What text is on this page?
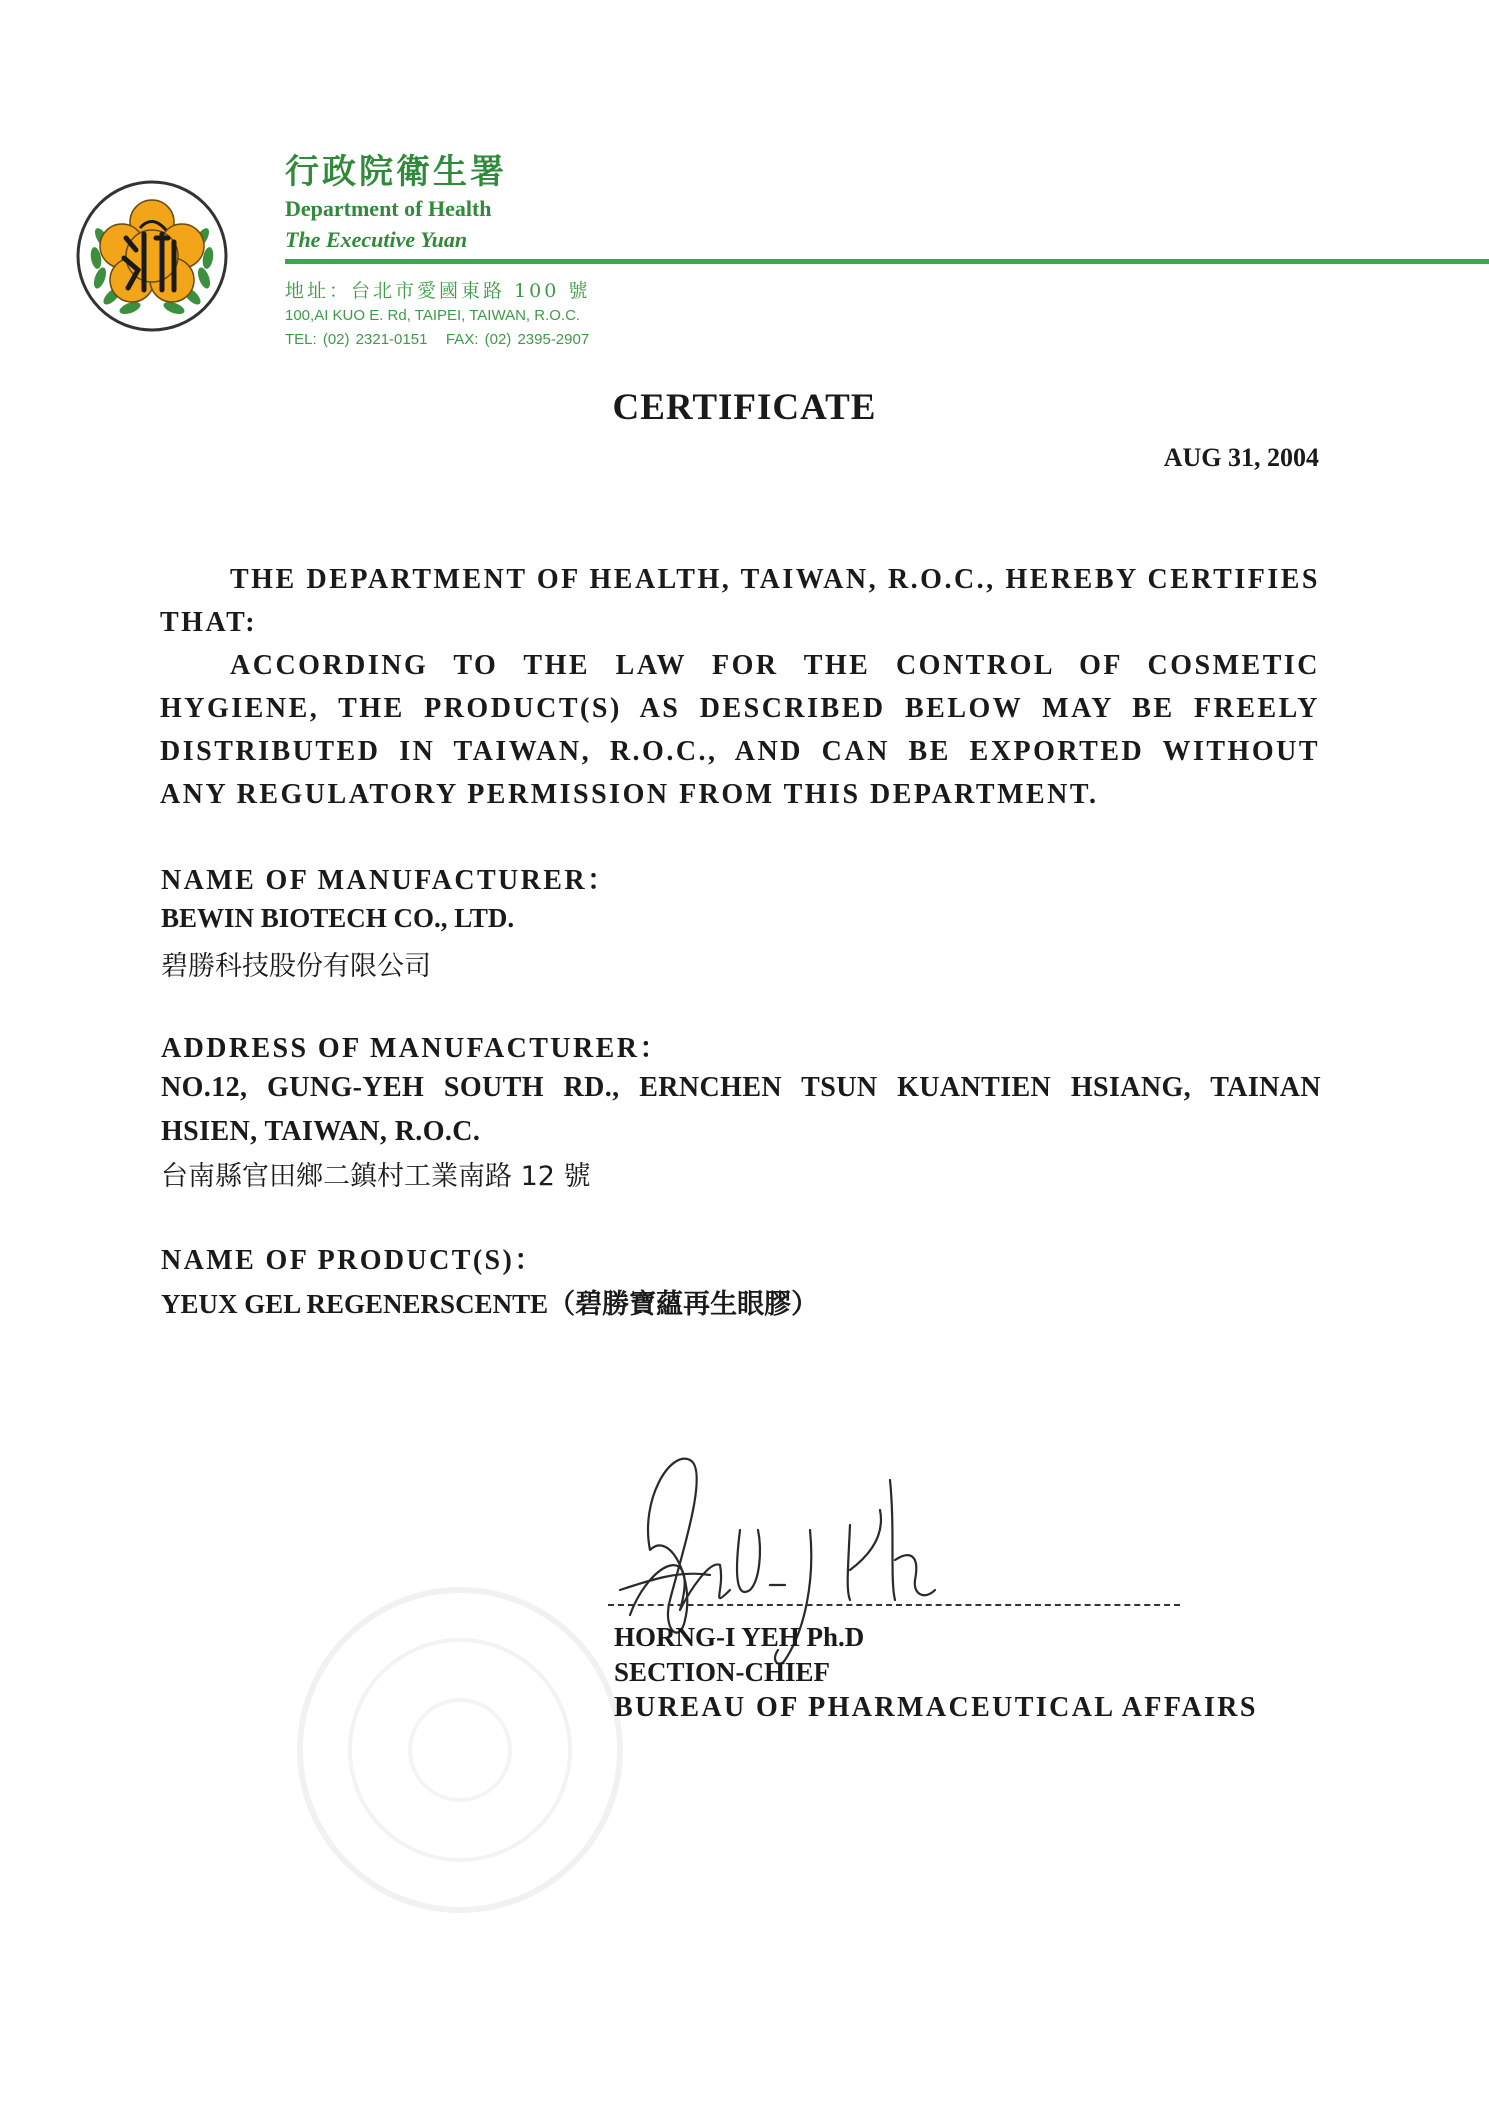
行政院衛生署
Department of Health
The Executive Yuan
地址：台北市愛國東路 100 號
100,AI KUO E. Rd, TAIPEI, TAIWAN, R.O.C.
TEL: (02) 2321-0151   FAX: (02) 2395-2907
CERTIFICATE
AUG 31, 2004
THE DEPARTMENT OF HEALTH, TAIWAN, R.O.C., HEREBY CERTIFIES THAT:
ACCORDING TO THE LAW FOR THE CONTROL OF COSMETIC HYGIENE, THE PRODUCT(S) AS DESCRIBED BELOW MAY BE FREELY DISTRIBUTED IN TAIWAN, R.O.C., AND CAN BE EXPORTED WITHOUT ANY REGULATORY PERMISSION FROM THIS DEPARTMENT.
NAME OF MANUFACTURER：
BEWIN BIOTECH CO., LTD.
碧勝科技股份有限公司
ADDRESS OF MANUFACTURER：
NO.12, GUNG-YEH SOUTH RD., ERNCHEN TSUN KUANTIEN HSIANG, TAINAN HSIEN, TAIWAN, R.O.C.
台南縣官田鄉二鎮村工業南路 12 號
NAME OF PRODUCT(S)：
YEUX GEL REGENERSCENTE（碧勝寶蘊再生眼膠）
HORNG-I YEH Ph.D
SECTION-CHIEF
BUREAU OF PHARMACEUTICAL AFFAIRS
